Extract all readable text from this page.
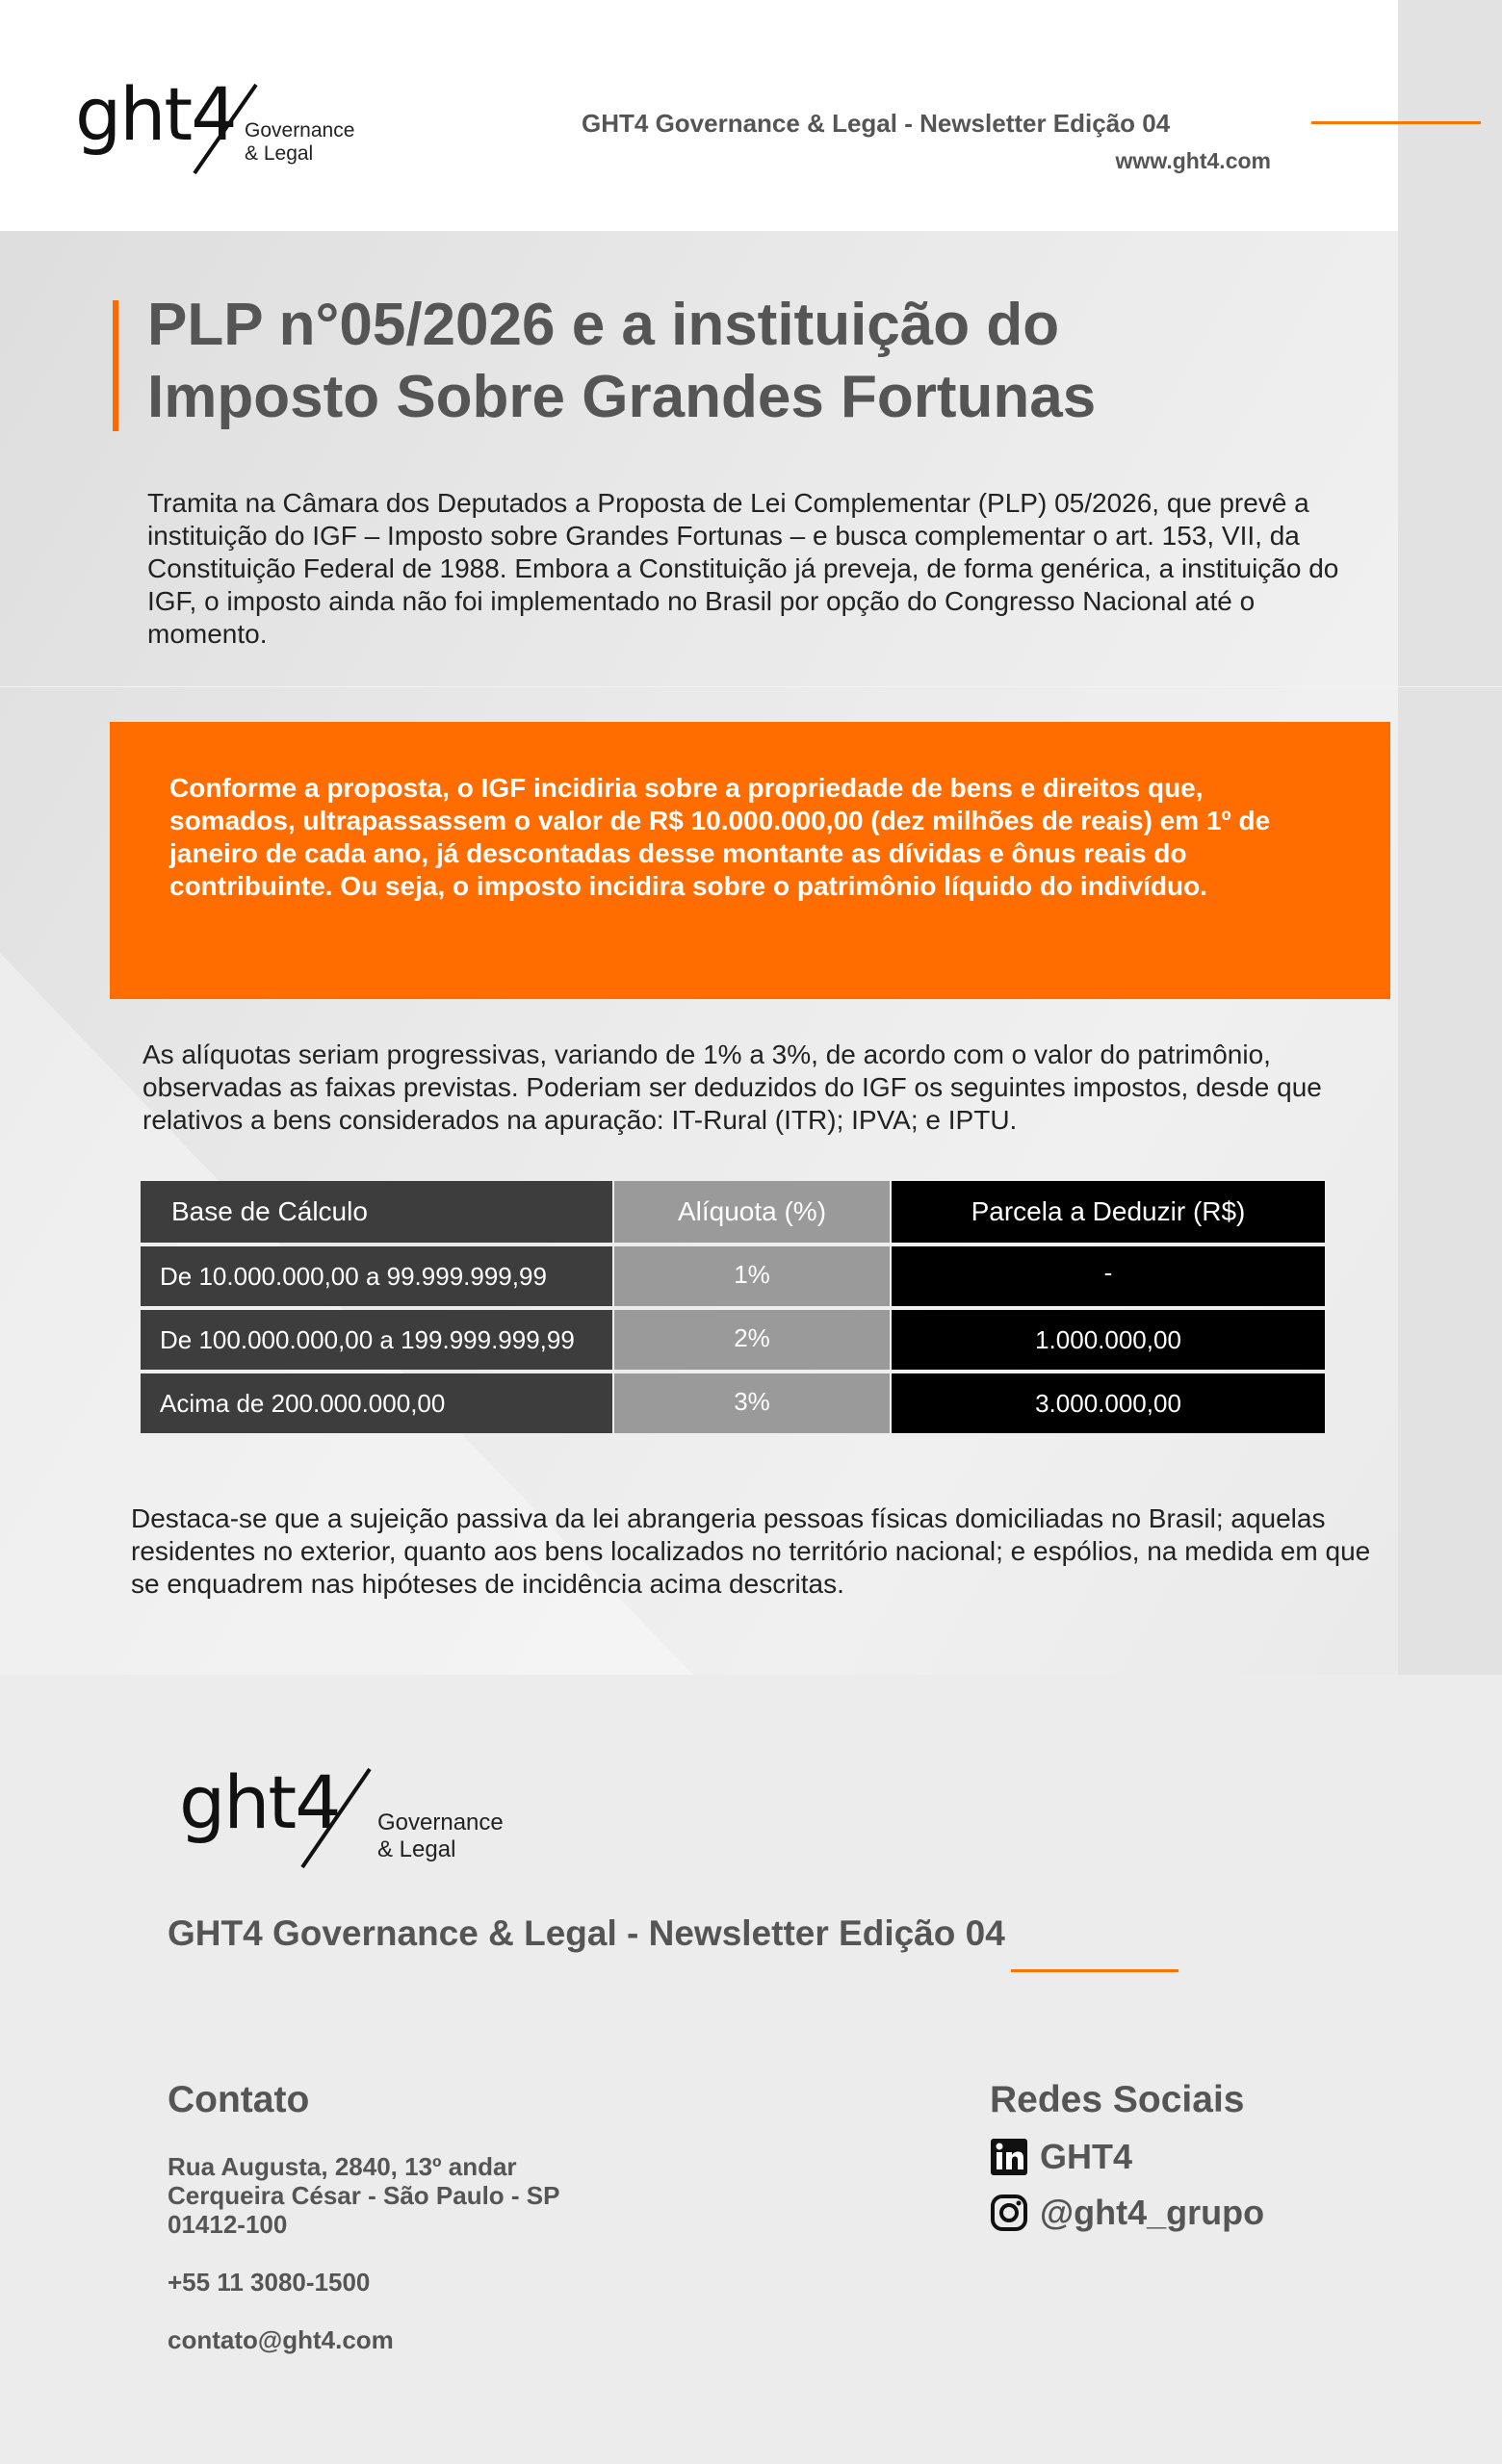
ght4 Governance
& Legal
GHT4 Governance & Legal - Newsletter Edição 04
www.ght4.com
PLP n°05/2026 e a instituição do
Imposto Sobre Grandes Fortunas
Tramita na Câmara dos Deputados a Proposta de Lei Complementar (PLP) 05/2026, que prevê a instituição do IGF – Imposto sobre Grandes Fortunas – e busca complementar o art. 153, VII, da Constituição Federal de 1988. Embora a Constituição já preveja, de forma genérica, a instituição do IGF, o imposto ainda não foi implementado no Brasil por opção do Congresso Nacional até o momento.
Conforme a proposta, o IGF incidiria sobre a propriedade de bens e direitos que, somados, ultrapassassem o valor de R$ 10.000.000,00 (dez milhões de reais) em 1º de janeiro de cada ano, já descontadas desse montante as dívidas e ônus reais do contribuinte. Ou seja, o imposto incidira sobre o patrimônio líquido do indivíduo.
As alíquotas seriam progressivas, variando de 1% a 3%, de acordo com o valor do patrimônio, observadas as faixas previstas. Poderiam ser deduzidos do IGF os seguintes impostos, desde que relativos a bens considerados na apuração: IT-Rural (ITR); IPVA; e IPTU.
Base de Cálculo	Alíquota (%)	Parcela a Deduzir (R$)
De 10.000.000,00 a 99.999.999,99	1%	-
De 100.000.000,00 a 199.999.999,99	2%	1.000.000,00
Acima de 200.000.000,00	3%	3.000.000,00
Destaca-se que a sujeição passiva da lei abrangeria pessoas físicas domiciliadas no Brasil; aquelas residentes no exterior, quanto aos bens localizados no território nacional; e espólios, na medida em que se enquadrem nas hipóteses de incidência acima descritas.
ght4 Governance
& Legal
GHT4 Governance & Legal - Newsletter Edição 04
Contato
Rua Augusta, 2840, 13º andar
Cerqueira César - São Paulo - SP
01412-100
+55 11 3080-1500
contato@ght4.com
Redes Sociais
GHT4
@ght4_grupo
